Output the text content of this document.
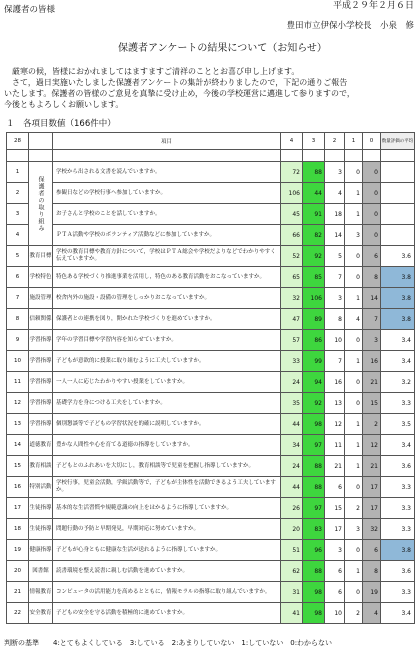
保護者の皆様	平成２９年２月６日
豊田市立伊保小学校長　小泉　修
保護者アンケートの結果について（お知らせ）

　厳寒の候，皆様におかれましてはますますご清祥のこととお喜び申し上げます。

　さて，過日実施いたしました保護者アンケートの集計が終わりましたので，下記の通りご報告

いたします。保護者の皆様のご意見を真摯に受け止め，今後の学校運営に邁進して参りますので，

今後ともよろしくお願いします。

１　各項目数値（166件中）
28		項目	4	3	2	1	0	数量評価の平均

1	保護者の取り組み	学校から出される文書を読んでいますか。	72	88	3	0	0	
2		参観日などの学校行事へ参加していますか。	106	44	4	1	0	
3		お子さんと学校のことを話していますか。	45	91	18	1	0	
4		ＰＴＡ活動や学校のボランティア活動などに参加していますか。	66	82	14	3	0	
5	教育目標	学校の教育目標や教育方針について，学校はＰＴＡ総会や学校だよりなどでわかりやすく伝えていますか。	52	92	5	0	6	3.6
6	学校特色	特色ある学校づくり推進事業を活用し，特色のある教育活動をおこなっていますか。	65	85	7	0	8	3.8
7	施設管理	校舎内外の施設・設備の管理をしっかりおこなっていますか。	32	106	3	1	14	3.8
8	信頼関係	保護者との連携を図り，開かれた学校づくりを進めていますか。	47	89	8	4	7	3.8
9	学習指導	学年の学習目標や学習内容を知らせていますか。	57	86	10	0	3	3.4
10	学習指導	子どもが意欲的に授業に取り組むように工夫していますか。	33	99	7	1	16	3.4
11	学習指導	一人一人に応じたわかりやすい授業をしていますか。	24	94	16	0	21	3.2
12	学習指導	基礎学力を身につける工夫をしていますか。	35	92	13	0	15	3.3
13	学習指導	個別懇談等で子どもの学習状況を的確に説明していますか。	44	98	12	1	2	3.5
14	道徳教育	豊かな人間性や心を育てる道徳の指導をしていますか。	34	97	11	1	12	3.4
15	教育相談	子どもとのふれあいを大切にし，教育相談等で児童を把握し指導していますか。	24	88	21	1	21	3.6
16	特別活動	学校行事，児童会活動，学級活動等で，子どもが主体性を活動できるよう工夫していますか。	44	88	6	0	17	3.3
17	生徒指導	基本的な生活習慣や規範意識の向上をはかるように指導していますか。	26	97	15	2	17	3.3
18	生徒指導	問題行動の予防と早期発見，早期対応に努めていますか。	20	83	17	3	32	3.3
19	健康指導	子どもが心身ともに健康な生活が送れるように指導していますか。	51	96	3	0	6	3.8
20	図書館	読書環境を整え読書に親しむ活動を進めていますか。	62	88	6	1	8	3.6
21	情報教育	コンピュータの活用能力を高めるとともに，情報モラルの指導に取り組んでいますか。	31	98	6	0	19	3.3
22	安全教育	子どもの安全を守る活動を積極的に進めていますか。	41	98	10	2	4	3.4
判断の基準　　4:とてもよくしている　3:している　2:あまりしていない　1:していない　0:わからない
